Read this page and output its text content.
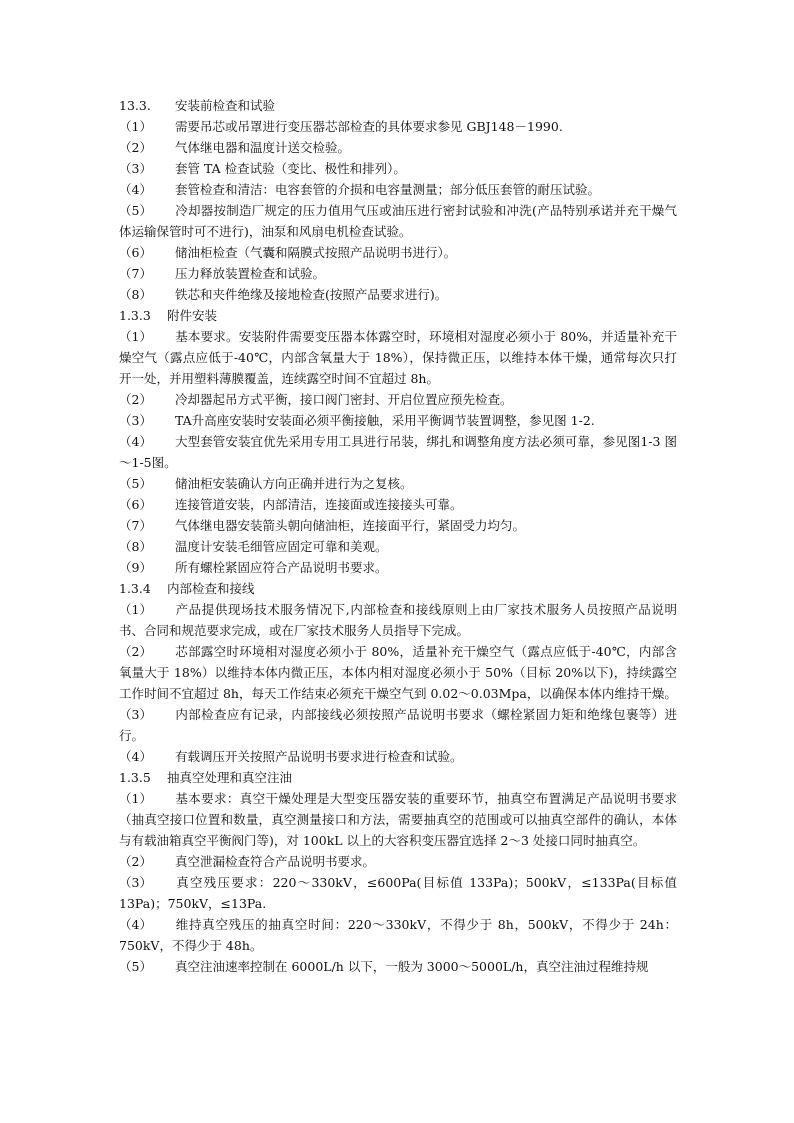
13.3. 安装前检查和试验

（1） 需要吊芯或吊罩进行变压器芯部检查的具体要求参见 GBJ148－1990.

（2） 气体继电器和温度计送交检验。

（3） 套管 TA 检查试验（变比、极性和排列）。

（4） 套管检查和清洁：电容套管的介损和电容量测量；部分低压套管的耐压试验。

（5） 冷却器按制造厂规定的压力值用气压或油压进行密封试验和冲洗(产品特别承诺并充干燥气体运输保管时可不进行)，油泵和风扇电机检查试验。

（6） 储油柜检查（气囊和隔膜式按照产品说明书进行）。

（7） 压力释放装置检查和试验。

（8） 铁芯和夹件绝缘及接地检查(按照产品要求进行)。

1.3.3 附件安装

（1） 基本要求。安装附件需要变压器本体露空时，环境相对湿度必须小于 80%，并适量补充干燥空气（露点应低于-40℃，内部含氧量大于 18%），保持微正压，以维持本体干燥，通常每次只打开一处，并用塑料薄膜覆盖，连续露空时间不宜超过 8h。

（2） 冷却器起吊方式平衡，接口阀门密封、开启位置应预先检查。

（3） TA升高座安装时安装面必须平衡接触，采用平衡调节装置调整，参见图 1-2.

（4） 大型套管安装宜优先采用专用工具进行吊装，绑扎和调整角度方法必须可靠，参见图1-3 图～1-5图。

（5） 储油柜安装确认方向正确并进行为之复核。

（6） 连接管道安装，内部清洁，连接面或连接接头可靠。

（7） 气体继电器安装箭头朝向储油柜，连接面平行，紧固受力均匀。

（8） 温度计安装毛细管应固定可靠和美观。

（9） 所有螺栓紧固应符合产品说明书要求。

1.3.4 内部检查和接线

（1） 产品提供现场技术服务情况下,内部检查和接线原则上由厂家技术服务人员按照产品说明书、合同和规范要求完成，或在厂家技术服务人员指导下完成。

（2） 芯部露空时环境相对湿度必须小于 80%，适量补充干燥空气（露点应低于-40℃，内部含氧量大于 18%）以维持本体内微正压，本体内相对湿度必须小于 50%（目标 20%以下)，持续露空工作时间不宜超过 8h，每天工作结束必须充干燥空气到 0.02～0.03Mpa，以确保本体内维持干燥。

（3） 内部检查应有记录，内部接线必须按照产品说明书要求（螺栓紧固力矩和绝缘包裹等）进行。

（4） 有载调压开关按照产品说明书要求进行检查和试验。

1.3.5 抽真空处理和真空注油

（1） 基本要求：真空干燥处理是大型变压器安装的重要环节，抽真空布置满足产品说明书要求（抽真空接口位置和数量，真空测量接口和方法，需要抽真空的范围或可以抽真空部件的确认，本体与有载油箱真空平衡阀门等)，对 100kL 以上的大容积变压器宜选择 2～3 处接口同时抽真空。

（2） 真空泄漏检查符合产品说明书要求。

（3） 真空残压要求：220～330kV，≤600Pa(目标值 133Pa)；500kV，≤133Pa(目标值 13Pa)；750kV，≤13Pa.

（4） 维持真空残压的抽真空时间：220～330kV，不得少于 8h，500kV，不得少于 24h：750kV，不得少于 48h。

（5） 真空注油速率控制在 6000L/h 以下，一般为 3000～5000L/h，真空注油过程维持规
